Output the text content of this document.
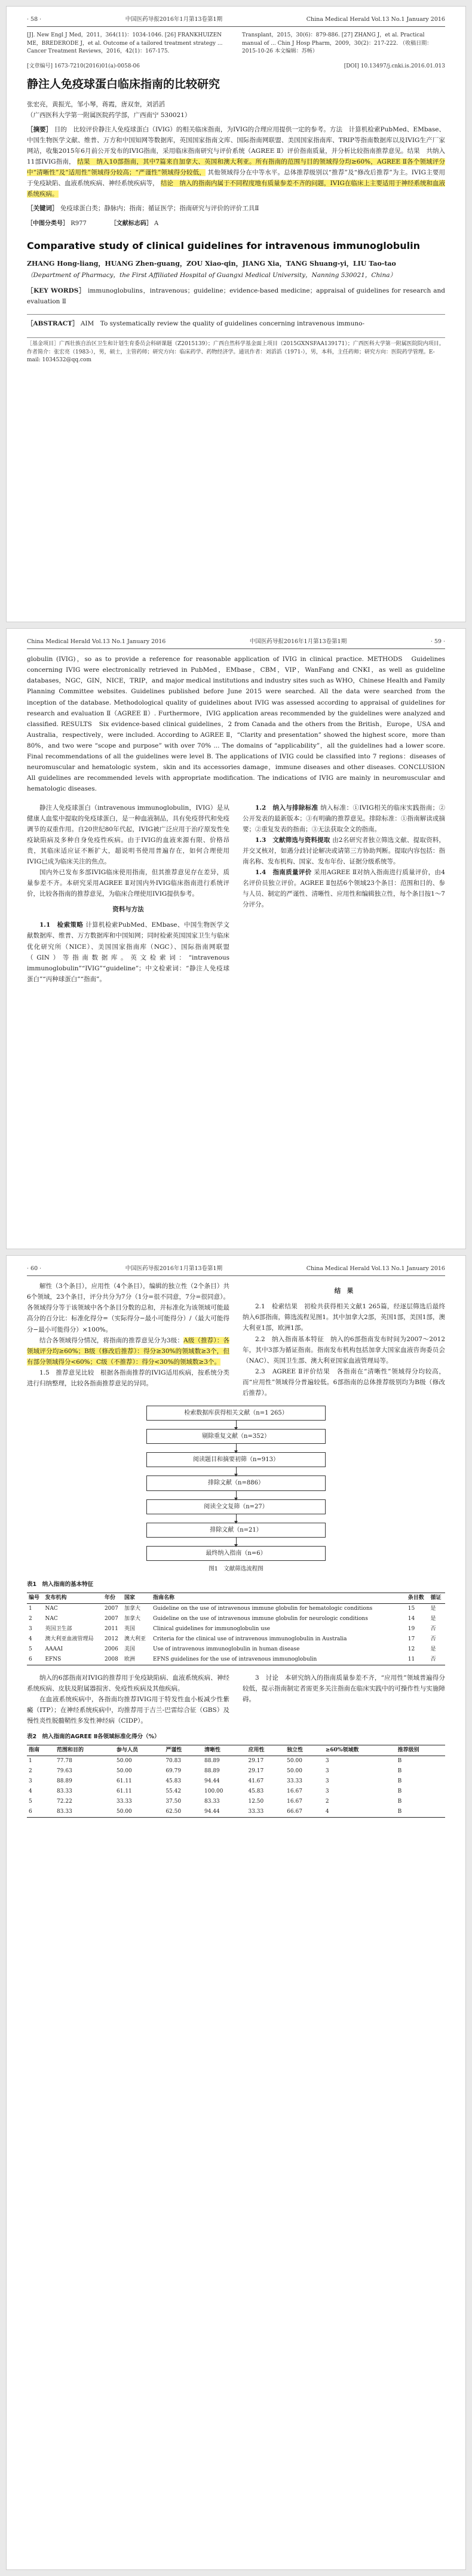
· 58 ·	中国医药导报2016年1月第13卷第1期	China Medical Herald Vol.13 No.1 January 2016
[J]. New Engl J Med，2011，364(11)：1034-1046. [26] FRANKHUIZEN ME，BREDERODE J，et al. Outcome of a tailored treatment strategy ... Cancer Treatment Reviews，2016，42(1)：167-175.
Transplant，2015，30(6)：879-886. [27] ZHANG J，et al. Practical manual of ... Chin J Hosp Pharm，2009，30(2)：217-222. （收稿日期：2015-10-26 本文编辑：苏畅）
[文章编号] 1673-7210(2016)01(a)-0058-06	[DOI] 10.13497/j.cnki.is.2016.01.013
静注人免疫球蛋白临床指南的比较研究
张宏亮，黄振光，邹小琴，蒋霞，唐双奎，刘滔滔
（广西医科大学第一附属医院药学部，广西南宁 530021）
［摘要］ 目的　比较评价静注人免疫球蛋白（IVIG）的相关临床指南，为IVIG的合理应用提供一定的参考。方法　计算机检索PubMed、EMbase、中国生物医学文献、维普、万方和中国知网等数据库，英国国家指南文库、国际指南网联盟、美国国家指南库、TRIP等指南数据库以及IVIG生产厂家网站，收集2015年6月前公开发布的IVIG指南，采用临床指南研究与评价系统（AGREE Ⅱ）评价指南质量，并分析比较指南推荐意见。结果　共纳入11部IVIG指南， 结果　纳入10部指南，其中7篇来自加拿大、英国和澳大利亚。所有指南的范围与目的领域得分均≥60%，AGREE Ⅱ各个领域评分中“清晰性”及“适用性”领域得分较高；“严谨性”领域得分较低， 其他领域得分在中等水平。总体推荐级别以“推荐”及“修改后推荐”为主。IVIG主要用于免疫缺陷、血液系统疾病、神经系统疾病等， 结论　纳入的指南内属于不同程度地有质量参差不齐的问题，IVIG在临床上主要适用于神经系统和血液系统疾病。
［关键词］ 免疫球蛋白类；静脉内；指南；循证医学；指南研究与评价的评价工具Ⅱ
［中图分类号］ R977	［文献标志码］ A
Comparative study of clinical guidelines for intravenous immunoglobulin
ZHANG Hong-liang，HUANG Zhen-guang，ZOU Xiao-qin，JIANG Xia，TANG Shuang-yi，LIU Tao-tao
（Department of Pharmacy，the First Affiliated Hospital of Guangxi Medical University，Nanning 530021，China）
［KEY WORDS］ immunoglobulins，intravenous；guideline；evidence-based medicine；appraisal of guidelines for research and evaluation Ⅱ
［ABSTRACT］ AIM　To systematically review the quality of guidelines concerning intravenous immuno-
［基金项目］广西壮族自治区卫生和计划生育委员会科研课题（Z2015139）；广西自然科学基金面上项目（2015GXNSFAA139171）；广西医科大学第一附属医院院内项目。作者简介：张宏亮（1983-），男，硕士，主管药师；研究方向：临床药学、药物经济学。通讯作者：刘滔滔（1971-），男，本科，主任药师；研究方向：医院药学管理。E-mail: 1034532@qq.com
China Medical Herald Vol.13 No.1 January 2016	中国医药导报2016年1月第13卷第1期	· 59 ·
globulin (IVIG)，so as to provide a reference for reasonable application of IVIG in clinical practice. METHODS　Guidelines concerning IVIG were electronically retrieved in PubMed，EMbase，CBM，VIP，WanFang and CNKI，as well as guideline databases，NGC，GIN，NICE，TRIP，and major medical institutions and industry sites such as WHO，Chinese Health and Family Planning Committee websites. Guidelines published before June 2015 were searched. All the data were searched from the inception of the database. Methodological quality of guidelines about IVIG was assessed according to appraisal of guidelines for research and evaluation Ⅱ（AGREE Ⅱ）. Furthermore，IVIG application areas recommended by the guidelines were analyzed and classified. RESULTS　Six evidence-based clinical guidelines，2 from Canada and the others from the British，Europe，USA and Australia，respectively，were included. According to AGREE Ⅱ，“Clarity and presentation” showed the highest score，more than 80%，and two were “scope and purpose” with over 70% ... The domains of “applicability”，all the guidelines had a lower score. Final recommendations of all the guidelines were level B. The applications of IVIG could be classified into 7 regions：diseases of neuromuscular and hematologic system，skin and its accessories damage，immune diseases and other diseases. CONCLUSION　All guidelines are recommended levels with appropriate modification. The indications of IVIG are mainly in neuromuscular and hematologic diseases.

静注人免疫球蛋白（intravenous immunoglobulin，IVIG）是从健康人血浆中提取的免疫球蛋白，是一种血液制品，具有免疫替代和免疫调节的双重作用。自20世纪80年代起，IVIG被广泛应用于治疗原发性免疫缺陷病及多种自身免疫性疾病。由于IVIG的血液来源有限、价格昂贵，其临床适应证不断扩大，超说明书使用普遍存在，如何合理使用IVIG已成为临床关注的焦点。

国内外已发布多部IVIG临床使用指南，但其推荐意见存在差异，质量参差不齐。本研究采用AGREE Ⅱ对国内外IVIG临床指南进行系统评价，比较各指南的推荐意见，为临床合理使用IVIG提供参考。

资料与方法

1.1　检索策略 计算机检索PubMed、EMbase、中国生物医学文献数据库、维普、万方数据库和中国知网；同时检索英国国家卫生与临床优化研究所（NICE）、美国国家指南库（NGC）、国际指南网联盟（GIN）等指南数据库。英文检索词：“intravenous immunoglobulin”“IVIG”“guideline”；中文检索词：“静注人免疫球蛋白”“丙种球蛋白”“指南”。

1.2　纳入与排除标准 纳入标准：①IVIG相关的临床实践指南；②公开发表的最新版本；③有明确的推荐意见。排除标准：①指南解读或摘要；②重复发表的指南；③无法获取全文的指南。

1.3　文献筛选与资料提取 由2名研究者独立筛选文献、提取资料，并交叉核对，如遇分歧讨论解决或请第三方协助判断。提取内容包括：指南名称、发布机构、国家、发布年份、证据分级系统等。

1.4　指南质量评价 采用AGREE Ⅱ对纳入指南进行质量评价，由4名评价员独立评价。AGREE Ⅱ包括6个领域23个条目：范围和目的、参与人员、制定的严谨性、清晰性、应用性和编辑独立性，每个条目按1～7分评分。

· 60 ·	中国医药导报2016年1月第13卷第1期	China Medical Herald Vol.13 No.1 January 2016

解性（3个条目），应用性（4个条目），编辑的独立性（2个条目）共6个领域，23个条目，评分共分为7分（1分=很不同意，7分=很同意）。各领域得分等于该领域中各个条目分数的总和，并标准化为该领域可能最高分的百分比：标准化得分=（实际得分−最小可能得分）/（最大可能得分−最小可能得分）×100%。

结合各领域得分情况，将指南的推荐意见分为3级：A级（推荐）：各领域评分均≥60%；B级（修改后推荐）：得分≥30%的领域数≥3个，但有部分领域得分<60%；C级（不推荐）：得分<30%的领域数≥3个。

1.5　推荐意见比较　根据各指南推荐的IVIG适用疾病，按系统分类进行归纳整理，比较各指南推荐意见的异同。

结　果

2.1　检索结果　初检共获得相关文献1 265篇，经逐层筛选后最终纳入6部指南，筛选流程见图1。其中加拿大2部，英国1部，美国1部，澳大利亚1部，欧洲1部。

2.2　纳入指南基本特征　纳入的6部指南发布时间为2007～2012年，其中3部为循证指南。指南发布机构包括加拿大国家血液咨询委员会（NAC）、英国卫生部、澳大利亚国家血液管理局等。

2.3　AGREE Ⅱ评价结果　各指南在“清晰性”领域得分均较高，而“应用性”领域得分普遍较低。6部指南的总体推荐级别均为B级（修改后推荐）。

检索数据库获得相关文献（n=1 265）
剔除重复文献（n=352）
阅读题目和摘要初筛（n=913）
排除文献（n=886）
阅读全文复筛（n=27）
排除文献（n=21）
最终纳入指南（n=6）
图1　文献筛选流程图
表1　纳入指南的基本特征
编号	发布机构	年份	国家	指南名称	条目数	循证
1	NAC	2007	加拿大	Guideline on the use of intravenous immune globulin for hematologic conditions	15	是
2	NAC	2007	加拿大	Guideline on the use of intravenous immune globulin for neurologic conditions	14	是
3	英国卫生部	2011	英国	Clinical guidelines for immunoglobulin use	19	否
4	澳大利亚血液管理局	2012	澳大利亚	Criteria for the clinical use of intravenous immunoglobulin in Australia	17	否
5	AAAAI	2006	美国	Use of intravenous immunoglobulin in human disease	12	是
6	EFNS	2008	欧洲	EFNS guidelines for the use of intravenous immunoglobulin	11	否

纳入的6部指南对IVIG的推荐用于免疫缺陷病、血液系统疾病、神经系统疾病、皮肤及附属器损害、免疫性疾病及其他疾病。

在血液系统疾病中，各指南均推荐IVIG用于特发性血小板减少性紫癜（ITP）；在神经系统疾病中，均推荐用于吉兰-巴雷综合征（GBS）及慢性炎性脱髓鞘性多发性神经病（CIDP）。

3　讨论　本研究纳入的指南质量参差不齐，“应用性”领域普遍得分较低，提示指南制定者需更多关注指南在临床实践中的可操作性与实施障碍。

表2　纳入指南的AGREE Ⅱ各领域标准化得分（%）
指南	范围和目的	参与人员	严谨性	清晰性	应用性	独立性	≥60%领域数	推荐级别
1	77.78	50.00	70.83	88.89	29.17	50.00	3	B
2	79.63	50.00	69.79	88.89	29.17	50.00	3	B
3	88.89	61.11	45.83	94.44	41.67	33.33	3	B
4	83.33	61.11	55.42	100.00	45.83	16.67	3	B
5	72.22	33.33	37.50	83.33	12.50	16.67	2	B
6	83.33	50.00	62.50	94.44	33.33	66.67	4	B
